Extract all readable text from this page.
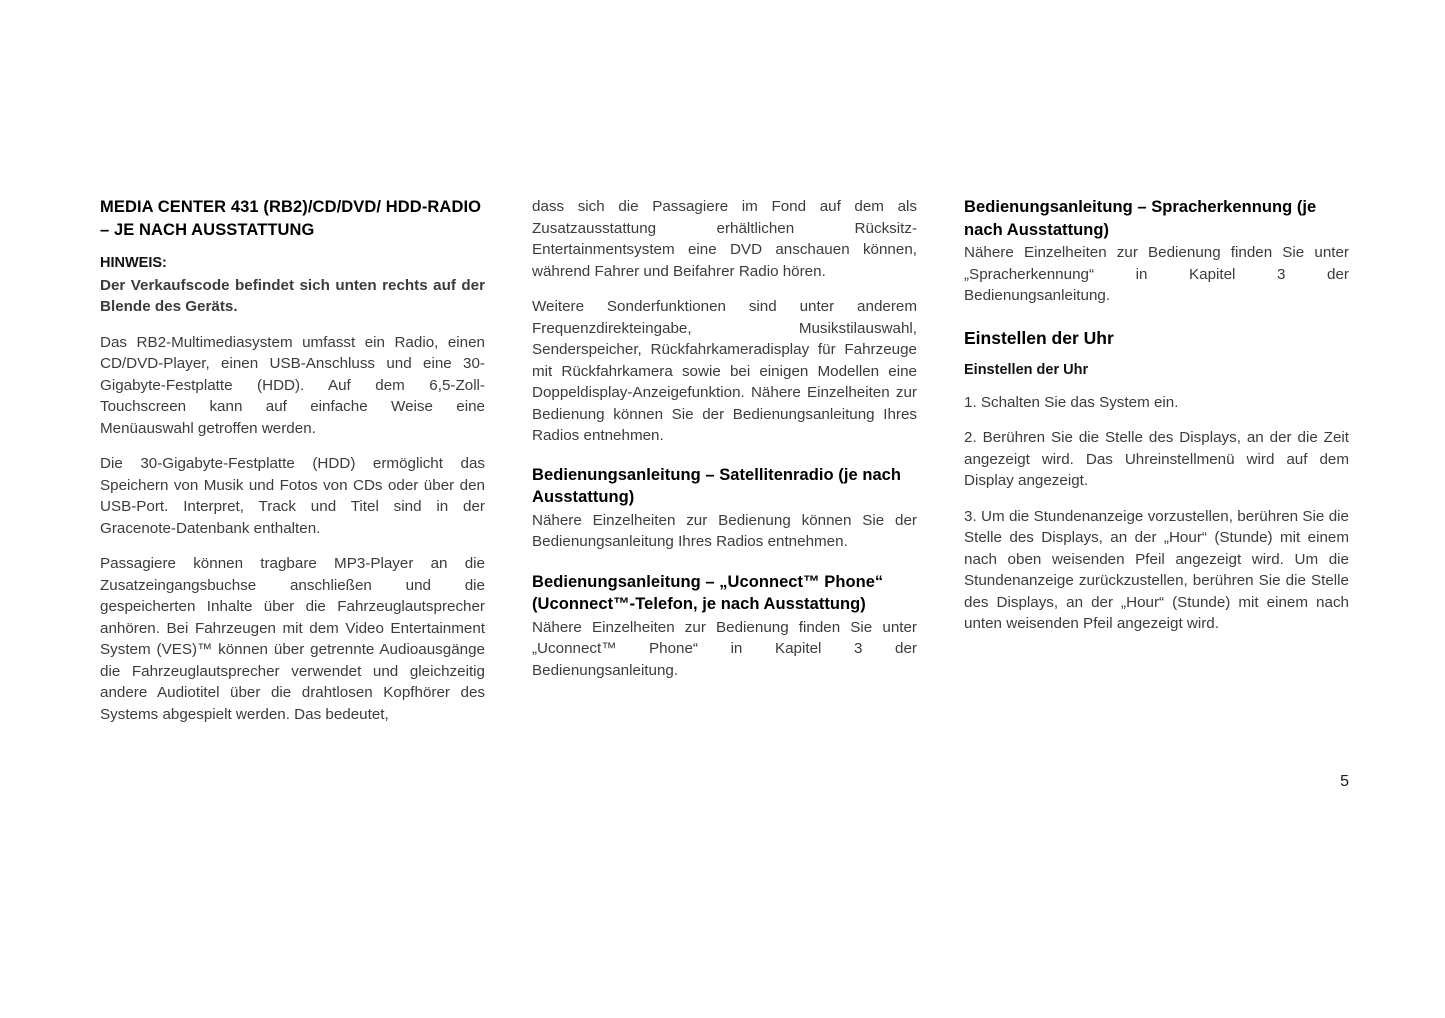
MEDIA CENTER 431 (RB2)/CD/DVD/ HDD-RADIO – JE NACH AUSSTATTUNG

HINWEIS:

Der Verkaufscode befindet sich unten rechts auf der Blende des Geräts.

Das RB2-Multimediasystem umfasst ein Radio, einen CD/DVD-Player, einen USB-Anschluss und eine 30-Gigabyte-Festplatte (HDD). Auf dem 6,5-Zoll-Touchscreen kann auf einfache Weise eine Menüauswahl getroffen werden.

Die 30-Gigabyte-Festplatte (HDD) ermöglicht das Speichern von Musik und Fotos von CDs oder über den USB-Port. Interpret, Track und Titel sind in der Gracenote-Datenbank enthalten.

Passagiere können tragbare MP3-Player an die Zusatzeingangsbuchse anschließen und die gespeicherten Inhalte über die Fahrzeuglautsprecher anhören. Bei Fahrzeugen mit dem Video Entertainment System (VES)™ können über getrennte Audioausgänge die Fahrzeuglautsprecher verwendet und gleichzeitig andere Audiotitel über die drahtlosen Kopfhörer des Systems abgespielt werden. Das bedeutet,

dass sich die Passagiere im Fond auf dem als Zusatzausstattung erhältlichen Rücksitz-Entertainmentsystem eine DVD anschauen können, während Fahrer und Beifahrer Radio hören.

Weitere Sonderfunktionen sind unter anderem Frequenzdirekteingabe, Musikstilauswahl, Senderspeicher, Rückfahrkameradisplay für Fahrzeuge mit Rückfahrkamera sowie bei einigen Modellen eine Doppeldisplay-Anzeigefunktion. Nähere Einzelheiten zur Bedienung können Sie der Bedienungsanleitung Ihres Radios entnehmen.

Bedienungsanleitung – Satellitenradio (je nach Ausstattung)

Nähere Einzelheiten zur Bedienung können Sie der Bedienungsanleitung Ihres Radios entnehmen.

Bedienungsanleitung – „Uconnect™ Phone“ (Uconnect™-Telefon, je nach Ausstattung)

Nähere Einzelheiten zur Bedienung finden Sie unter „Uconnect™ Phone“ in Kapitel 3 der Bedienungsanleitung.

Bedienungsanleitung – Spracherkennung (je nach Ausstattung)

Nähere Einzelheiten zur Bedienung finden Sie unter „Spracherkennung“ in Kapitel 3 der Bedienungsanleitung.

Einstellen der Uhr
Einstellen der Uhr

1. Schalten Sie das System ein.

2. Berühren Sie die Stelle des Displays, an der die Zeit angezeigt wird. Das Uhreinstellmenü wird auf dem Display angezeigt.

3. Um die Stundenanzeige vorzustellen, berühren Sie die Stelle des Displays, an der „Hour“ (Stunde) mit einem nach oben weisenden Pfeil angezeigt wird. Um die Stundenanzeige zurückzustellen, berühren Sie die Stelle des Displays, an der „Hour“ (Stunde) mit einem nach unten weisenden Pfeil angezeigt wird.

5
